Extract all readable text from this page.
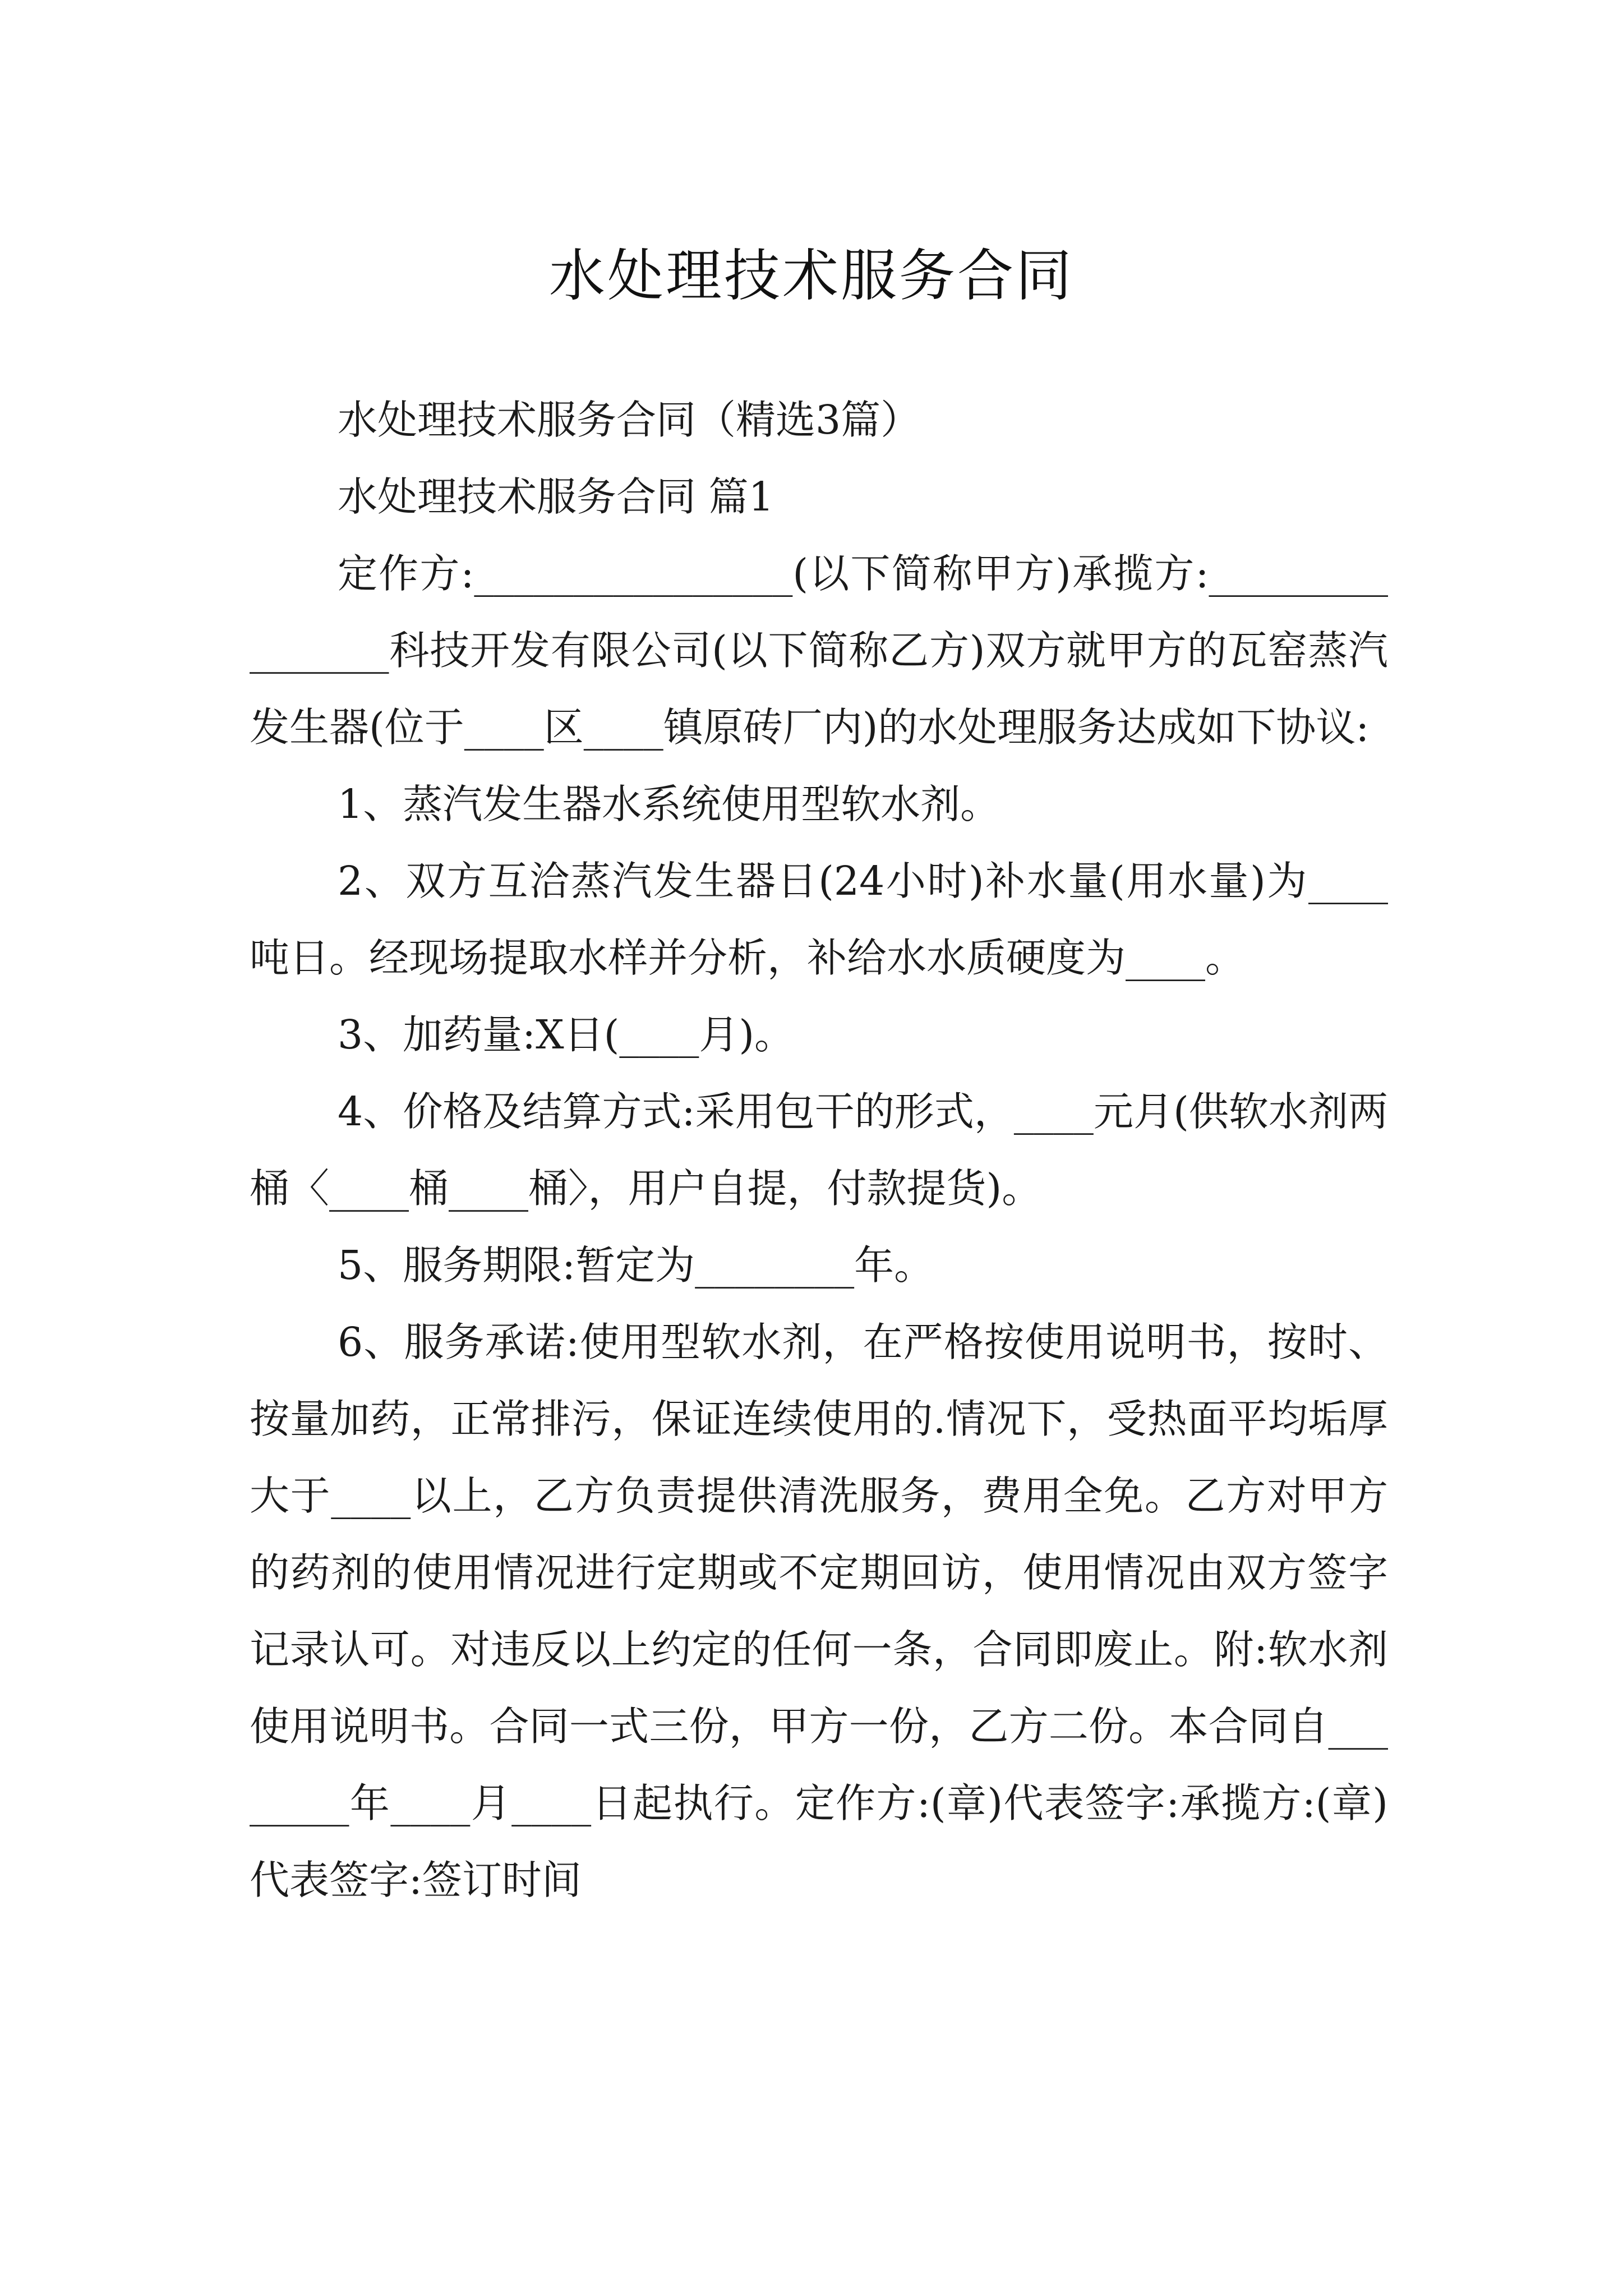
水处理技术服务合同

水处理技术服务合同（精选3篇）

水处理技术服务合同 篇1

定作方:________________(以下简称甲方)承揽方:________________科技开发有限公司(以下简称乙方)双方就甲方的瓦窑蒸汽发生器(位于____区____镇原砖厂内)的水处理服务达成如下协议:

1、蒸汽发生器水系统使用型软水剂。

2、双方互洽蒸汽发生器日(24小时)补水量(用水量)为____吨日。经现场提取水样并分析，补给水水质硬度为____。

3、加药量:X日(____月)。

4、价格及结算方式:采用包干的形式，____元月(供软水剂两桶〈____桶____桶〉，用户自提，付款提货)。

5、服务期限:暂定为________年。

6、服务承诺:使用型软水剂，在严格按使用说明书，按时、按量加药，正常排污，保证连续使用的.情况下，受热面平均垢厚大于____以上，乙方负责提供清洗服务，费用全免。乙方对甲方的药剂的使用情况进行定期或不定期回访，使用情况由双方签字记录认可。对违反以上约定的任何一条，合同即废止。附:软水剂使用说明书。合同一式三份，甲方一份，乙方二份。本合同自________年____月____日起执行。定作方:(章)代表签字:承揽方:(章)代表签字:签订时间
